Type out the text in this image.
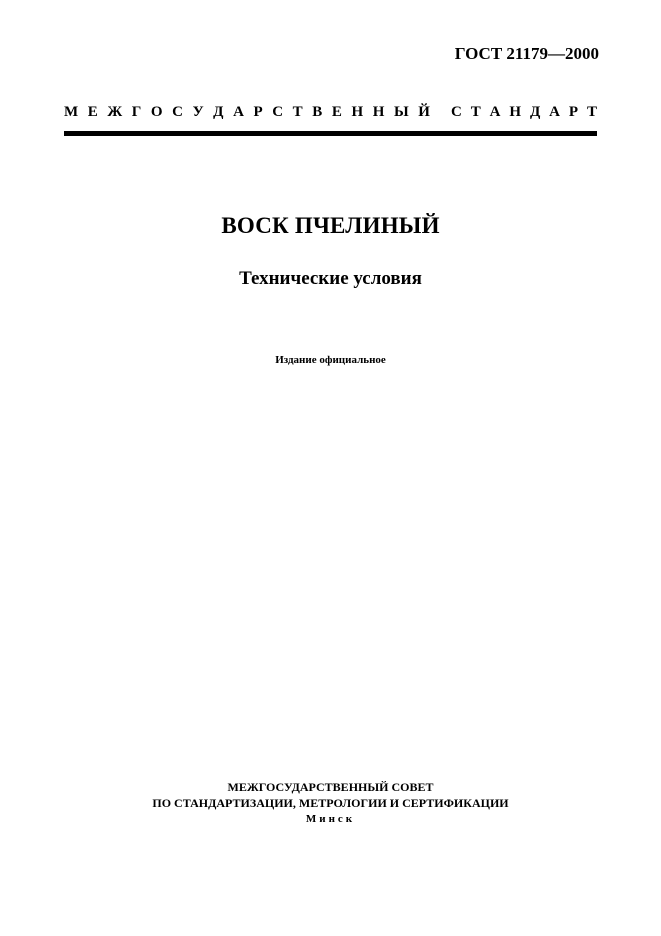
ГОСТ 21179—2000
М Е Ж Г О С У Д А Р С Т В Е Н Н Ы Й С Т А Н Д А Р Т
ВОСК ПЧЕЛИНЫЙ
Технические условия
Издание официальное
МЕЖГОСУДАРСТВЕННЫЙ СОВЕТ
ПО СТАНДАРТИЗАЦИИ, МЕТРОЛОГИИ И СЕРТИФИКАЦИИ
Минск
